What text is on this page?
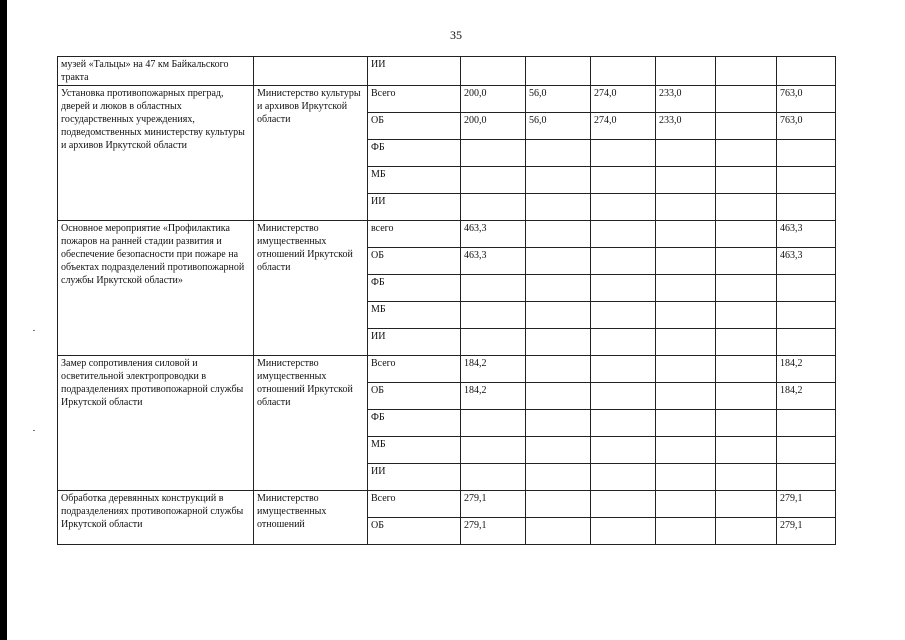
35
музей «Тальцы» на 47 км Байкальского тракта		ИИ						
Установка противопожарных преград, дверей и люков в областных государственных учреждениях, подведомственных министерству культуры и архивов Иркутской области	Министерство культуры и архивов Иркутской области	Всего	200,0	56,0	274,0	233,0		763,0
		ОБ	200,0	56,0	274,0	233,0		763,0
		ФБ						
		МБ						
		ИИ						
Основное мероприятие «Профилактика пожаров на ранней стадии развития и обеспечение безопасности при пожаре на объектах подразделений противопожарной службы Иркутской области»	Министерство имущественных отношений Иркутской области	всего	463,3					463,3
		ОБ	463,3					463,3
		ФБ						
		МБ						
		ИИ						
Замер сопротивления силовой и осветительной электропроводки в подразделениях противопожарной службы Иркутской области	Министерство имущественных отношений Иркутской области	Всего	184,2					184,2
		ОБ	184,2					184,2
		ФБ						
		МБ						
		ИИ						
Обработка деревянных конструкций в подразделениях противопожарной службы Иркутской области	Министерство имущественных отношений	Всего	279,1					279,1
		ОБ	279,1					279,1
